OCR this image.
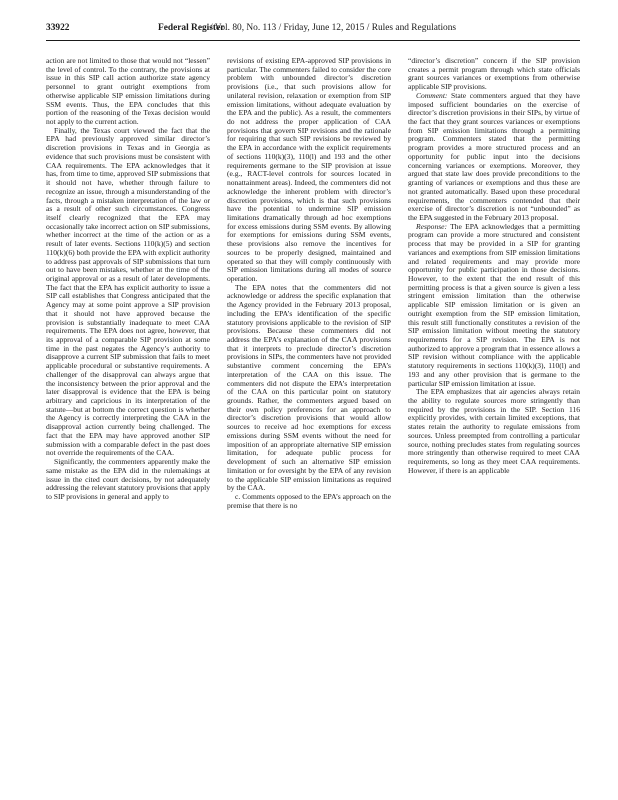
33922	Federal Register
/ Vol. 80, No. 113 / Friday, June 12, 2015 / Rules and Regulations

action are not limited to those that would not “lessen” the level of control. To the contrary, the provisions at issue in this SIP call action authorize state agency personnel to grant outright exemptions from otherwise applicable SIP emission limitations during SSM events. Thus, the EPA concludes that this portion of the reasoning of the Texas decision would not apply to the current action.

Finally, the Texas court viewed the fact that the EPA had previously approved similar director’s discretion provisions in Texas and in Georgia as evidence that such provisions must be consistent with CAA requirements. The EPA acknowledges that it has, from time to time, approved SIP submissions that it should not have, whether through failure to recognize an issue, through a misunderstanding of the facts, through a mistaken interpretation of the law or as a result of other such circumstances. Congress itself clearly recognized that the EPA may occasionally take incorrect action on SIP submissions, whether incorrect at the time of the action or as a result of later events. Sections 110(k)(5) and section 110(k)(6) both provide the EPA with explicit authority to address past approvals of SIP submissions that turn out to have been mistakes, whether at the time of the original approval or as a result of later developments. The fact that the EPA has explicit authority to issue a SIP call establishes that Congress anticipated that the Agency may at some point approve a SIP provision that it should not have approved because the provision is substantially inadequate to meet CAA requirements. The EPA does not agree, however, that its approval of a comparable SIP provision at some time in the past negates the Agency’s authority to disapprove a current SIP submission that fails to meet applicable procedural or substantive requirements. A challenger of the disapproval can always argue that the inconsistency between the prior approval and the later disapproval is evidence that the EPA is being arbitrary and capricious in its interpretation of the statute—but at bottom the correct question is whether the Agency is correctly interpreting the CAA in the disapproval action currently being challenged. The fact that the EPA may have approved another SIP submission with a comparable defect in the past does not override the requirements of the CAA.

Significantly, the commenters apparently make the same mistake as the EPA did in the rulemakings at issue in the cited court decisions, by not adequately addressing the relevant statutory provisions that apply to SIP provisions in general and apply to

revisions of existing EPA-approved SIP provisions in particular. The commenters failed to consider the core problem with unbounded director’s discretion provisions (i.e., that such provisions allow for unilateral revision, relaxation or exemption from SIP emission limitations, without adequate evaluation by the EPA and the public). As a result, the commenters do not address the proper application of CAA provisions that govern SIP revisions and the rationale for requiring that such SIP revisions be reviewed by the EPA in accordance with the explicit requirements of sections 110(k)(3), 110(l) and 193 and the other requirements germane to the SIP provision at issue (e.g., RACT-level controls for sources located in nonattainment areas). Indeed, the commenters did not acknowledge the inherent problem with director’s discretion provisions, which is that such provisions have the potential to undermine SIP emission limitations dramatically through ad hoc exemptions for excess emissions during SSM events. By allowing for exemptions for emissions during SSM events, these provisions also remove the incentives for sources to be properly designed, maintained and operated so that they will comply continuously with SIP emission limitations during all modes of source operation.

The EPA notes that the commenters did not acknowledge or address the specific explanation that the Agency provided in the February 2013 proposal, including the EPA’s identification of the specific statutory provisions applicable to the revision of SIP provisions. Because these commenters did not address the EPA’s explanation of the CAA provisions that it interprets to preclude director’s discretion provisions in SIPs, the commenters have not provided substantive comment concerning the EPA’s interpretation of the CAA on this issue. The commenters did not dispute the EPA’s interpretation of the CAA on this particular point on statutory grounds. Rather, the commenters argued based on their own policy preferences for an approach to director’s discretion provisions that would allow sources to receive ad hoc exemptions for excess emissions during SSM events without the need for imposition of an appropriate alternative SIP emission limitation, for adequate public process for development of such an alternative SIP emission limitation or for oversight by the EPA of any revision to the applicable SIP emission limitations as required by the CAA.

c. Comments opposed to the EPA’s approach on the premise that there is no

“director’s discretion” concern if the SIP provision creates a permit program through which state officials grant sources variances or exemptions from otherwise applicable SIP provisions.

Comment: State commenters argued that they have imposed sufficient boundaries on the exercise of director’s discretion provisions in their SIPs, by virtue of the fact that they grant sources variances or exemptions from SIP emission limitations through a permitting program. Commenters stated that the permitting program provides a more structured process and an opportunity for public input into the decisions concerning variances or exemptions. Moreover, they argued that state law does provide preconditions to the granting of variances or exemptions and thus these are not granted automatically. Based upon these procedural requirements, the commenters contended that their exercise of director’s discretion is not “unbounded” as the EPA suggested in the February 2013 proposal.

Response: The EPA acknowledges that a permitting program can provide a more structured and consistent process that may be provided in a SIP for granting variances and exemptions from SIP emission limitations and related requirements and may provide more opportunity for public participation in those decisions. However, to the extent that the end result of this permitting process is that a given source is given a less stringent emission limitation than the otherwise applicable SIP emission limitation or is given an outright exemption from the SIP emission limitation, this result still functionally constitutes a revision of the SIP emission limitation without meeting the statutory requirements for a SIP revision. The EPA is not authorized to approve a program that in essence allows a SIP revision without compliance with the applicable statutory requirements in sections 110(k)(3), 110(l) and 193 and any other provision that is germane to the particular SIP emission limitation at issue.

The EPA emphasizes that air agencies always retain the ability to regulate sources more stringently than required by the provisions in the SIP. Section 116 explicitly provides, with certain limited exceptions, that states retain the authority to regulate emissions from sources. Unless preempted from controlling a particular source, nothing precludes states from regulating sources more stringently than otherwise required to meet CAA requirements, so long as they meet CAA requirements. However, if there is an applicable
